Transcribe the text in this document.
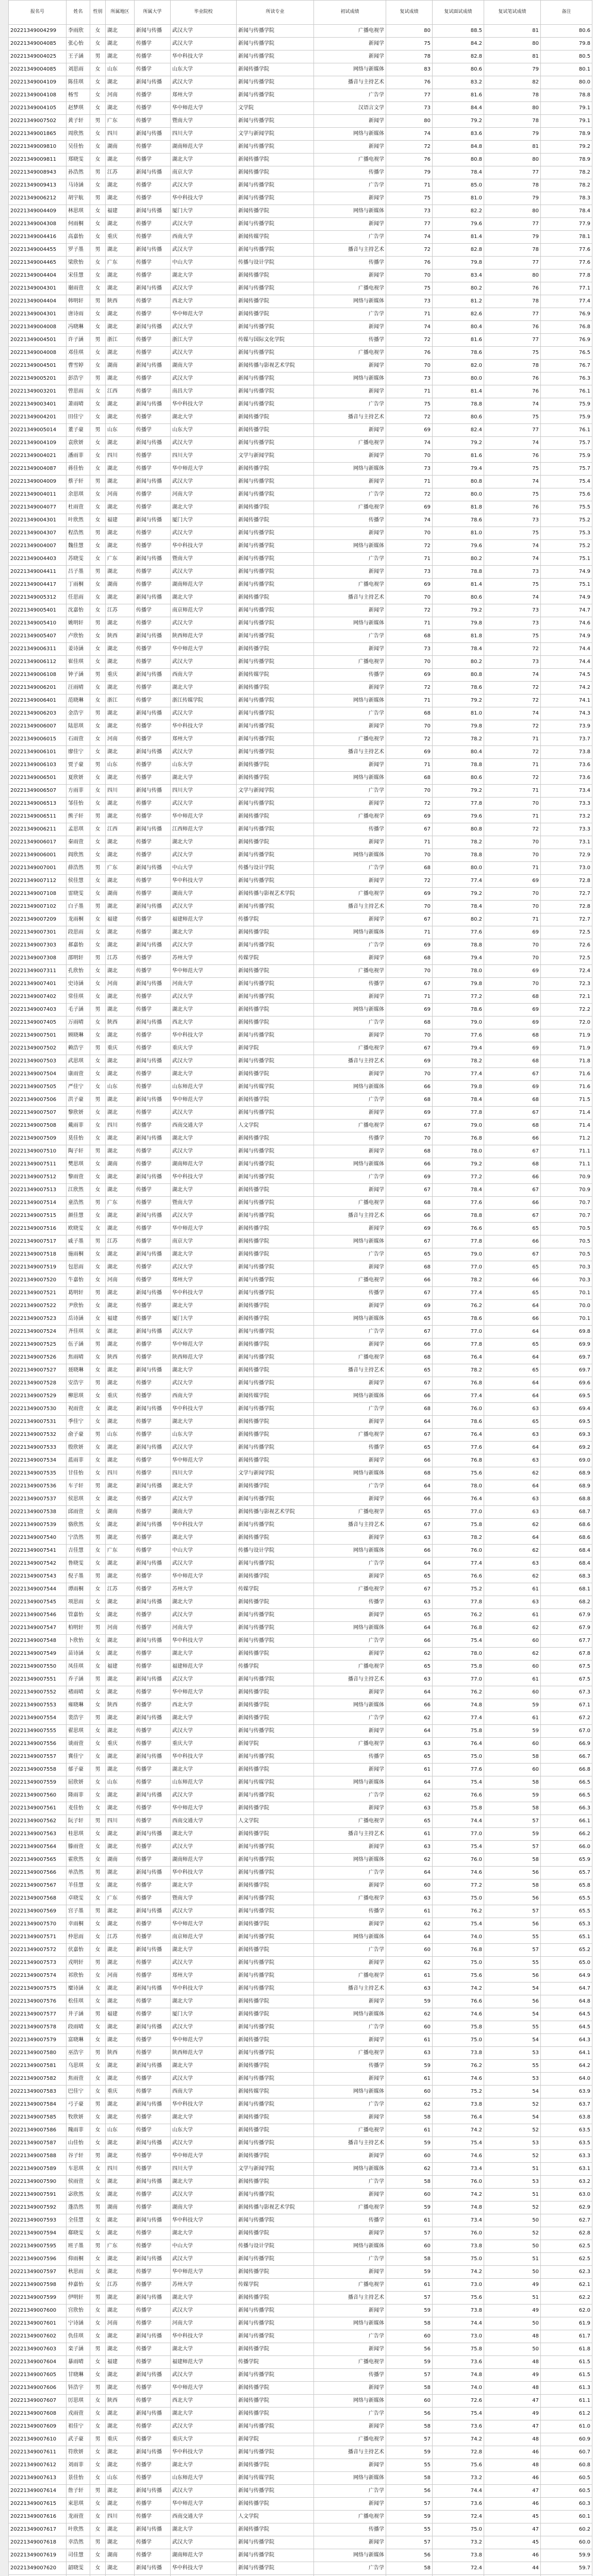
报名号	姓名	性别	所属地区	所属大学	毕业院校	所读专业	初试成绩	复试成绩	复试面试成绩	复试笔试成绩	备注
20221349004299	李雨欣	女	湖北	新闻与传播	武汉大学	新闻与传播学院	广播电视学	80	88.5	81	80.6
20221349004085	张心怡	女	湖北	传播学	武汉大学	新闻与传播学院	新闻学	75	84.2	80	79.8
20221349004025	王子涵	男	湖北	传播学	华中科技大学	新闻与传播学院	新闻学	78	82.8	81	80.5
20221349004085	刘思雨	女	山东	传播学	山东大学	新闻传播学院	网络与新媒体	83	80.6	79	80.1
20221349004109	陈佳琪	女	湖北	新闻与传播	武汉大学	新闻与传播学院	播音与主持艺术	76	83.2	82	80.0
20221349004108	杨雪	女	河南	传播学	郑州大学	新闻与传播学院	广告学	77	81.6	78	78.8
20221349004105	赵梦琪	女	湖北	传播学	华中师范大学	文学院	汉语言文学	73	84.4	80	79.1
20221349007502	黄子轩	男	广东	传播学	暨南大学	新闻与传播学院	新闻学	80	79.2	78	79.1
20221349001865	周欣然	女	四川	新闻与传播	四川大学	文学与新闻学院	网络与新媒体	74	83.6	79	78.9
20221349009810	吴佳怡	女	湖南	传播学	湖南师范大学	新闻与传播学院	新闻学	72	84.8	81	79.2
20221349009811	郑晓雯	女	湖北	传播学	湖北大学	新闻传播学院	广播电视学	76	80.8	80	78.9
20221349008943	孙浩然	男	江苏	新闻与传播	南京大学	新闻传播学院	传播学	79	78.4	77	78.2
20221349009413	马诗涵	女	湖北	传播学	武汉大学	新闻与传播学院	广告学	71	85.0	78	78.2
20221349006212	胡宇航	男	湖北	传播学	华中科技大学	新闻与传播学院	新闻学	75	81.0	79	78.3
20221349004409	林思琪	女	福建	新闻与传播	厦门大学	新闻传播学院	网络与新媒体	73	82.2	80	78.4
20221349004308	何雨桐	女	湖北	传播学	武汉大学	新闻与传播学院	新闻学	77	79.6	77	77.9
20221349004416	高嘉怡	女	重庆	传播学	西南大学	新闻传媒学院	广告学	74	81.4	79	78.1
20221349004455	罗子墨	男	湖北	新闻与传播	武汉大学	新闻与传播学院	播音与主持艺术	72	82.8	78	77.6
20221349004465	梁欣怡	女	广东	传播学	中山大学	传播与设计学院	传播学	76	79.8	77	77.6
20221349004404	宋佳慧	女	湖北	传播学	湖北大学	新闻传播学院	新闻学	70	83.4	80	77.8
20221349004301	谢雨萱	女	湖北	新闻与传播	武汉大学	新闻与传播学院	广播电视学	75	80.2	76	77.1
20221349004404	韩明轩	男	陕西	传播学	西北大学	新闻传播学院	网络与新媒体	73	81.2	78	77.4
20221349004301	唐诗雨	女	湖北	传播学	华中师范大学	新闻传播学院	广告学	71	82.6	77	76.9
20221349004008	冯晓琳	女	湖北	新闻与传播	武汉大学	新闻与传播学院	新闻学	74	80.4	76	76.8
20221349004501	许子涵	男	浙江	传播学	浙江大学	传媒与国际文化学院	传播学	72	81.6	77	76.9
20221349004008	邓佳琪	女	湖北	传播学	武汉大学	新闻与传播学院	广播电视学	76	78.6	75	76.5
20221349004501	曹雪婷	女	湖南	新闻与传播	湖南大学	新闻传播与影视艺术学院	新闻学	70	82.0	78	76.7
20221349005201	彭浩宇	男	湖北	传播学	武汉大学	新闻与传播学院	网络与新媒体	73	80.0	76	76.3
20221349003201	曾思雨	女	江西	传播学	南昌大学	新闻与传播学院	新闻学	71	81.4	76	76.1
20221349003401	萧雨晴	女	湖北	新闻与传播	华中科技大学	新闻与传播学院	广告学	75	78.8	74	75.9
20221349004201	田佳宁	女	湖北	传播学	湖北大学	新闻传播学院	播音与主持艺术	72	80.6	75	75.9
20221349005014	董子豪	男	山东	传播学	山东大学	新闻传播学院	新闻学	69	82.4	77	76.1
20221349004109	袁欣妍	女	湖北	新闻与传播	武汉大学	新闻与传播学院	广播电视学	74	79.2	74	75.7
20221349004021	潘雨菲	女	四川	传播学	四川大学	文学与新闻学院	新闻学	70	81.6	76	75.9
20221349004087	蒋佳怡	女	湖北	传播学	华中师范大学	新闻传播学院	网络与新媒体	73	79.4	75	75.7
20221349004009	蔡子轩	男	湖北	新闻与传播	武汉大学	新闻与传播学院	新闻学	71	80.8	74	75.4
20221349004011	余思琪	女	河南	传播学	河南大学	新闻与传播学院	广告学	72	80.0	75	75.6
20221349004077	杜雨萱	女	湖北	传播学	湖北大学	新闻传播学院	广播电视学	69	81.8	76	75.5
20221349004301	叶欣然	女	福建	新闻与传播	厦门大学	新闻传播学院	传播学	74	78.6	73	75.2
20221349004307	程浩然	男	湖北	传播学	武汉大学	新闻与传播学院	新闻学	70	81.0	75	75.3
20221349004007	魏佳慧	女	湖北	传播学	华中科技大学	新闻与传播学院	网络与新媒体	72	79.6	74	75.2
20221349004403	苏晓雯	女	广东	新闻与传播	暨南大学	新闻与传播学院	广告学	71	80.2	74	75.1
20221349004411	吕子墨	男	湖北	传播学	武汉大学	新闻与传播学院	新闻学	73	78.8	73	74.9
20221349004417	丁雨桐	女	湖南	传播学	湖南师范大学	新闻与传播学院	广播电视学	69	81.4	75	75.1
20221349005312	任思雨	女	湖北	新闻与传播	湖北大学	新闻传播学院	播音与主持艺术	70	80.6	74	74.9
20221349005401	沈嘉怡	女	江苏	传播学	南京师范大学	新闻与传播学院	新闻学	72	79.2	73	74.7
20221349005410	姚明轩	男	湖北	传播学	武汉大学	新闻与传播学院	网络与新媒体	71	79.8	73	74.6
20221349005407	卢欣怡	女	陕西	新闻与传播	陕西师范大学	新闻与传播学院	广告学	68	81.8	75	74.9
20221349006311	姜诗涵	女	湖北	传播学	华中师范大学	新闻传播学院	新闻学	73	78.4	72	74.4
20221349006112	崔佳琪	女	湖北	传播学	武汉大学	新闻与传播学院	广播电视学	70	80.2	73	74.4
20221349006108	钟子涵	男	重庆	新闻与传播	西南大学	新闻传媒学院	传播学	69	80.8	74	74.5
20221349006201	汪雨晴	女	湖北	传播学	湖北大学	新闻传播学院	新闻学	72	78.6	72	74.2
20221349006401	范晓琳	女	浙江	传播学	浙江传媒学院	新闻与传播学院	网络与新媒体	71	79.2	72	74.1
20221349006203	金浩宇	男	湖北	新闻与传播	武汉大学	新闻与传播学院	广告学	68	81.0	74	74.3
20221349006007	陆思琪	女	湖北	传播学	华中科技大学	新闻与传播学院	新闻学	70	79.8	72	73.9
20221349006015	石雨萱	女	河南	传播学	郑州大学	新闻与传播学院	广播电视学	72	78.2	71	73.7
20221349006101	廖佳宁	女	湖北	新闻与传播	武汉大学	新闻与传播学院	播音与主持艺术	69	80.4	72	73.8
20221349006103	贾子豪	男	山东	传播学	山东大学	新闻传播学院	新闻学	71	78.8	71	73.6
20221349006501	夏欣妍	女	湖北	传播学	湖北大学	新闻传播学院	网络与新媒体	68	80.6	72	73.6
20221349006507	方雨菲	女	四川	新闻与传播	四川大学	文学与新闻学院	广告学	70	79.2	71	73.4
20221349006513	邹佳怡	女	湖北	传播学	武汉大学	新闻与传播学院	新闻学	72	77.8	70	73.3
20221349006511	熊子轩	男	湖北	传播学	华中师范大学	新闻传播学院	广播电视学	69	79.6	71	73.2
20221349006211	孟思琪	女	江西	新闻与传播	江西师范大学	新闻与传播学院	传播学	67	80.8	72	73.3
20221349006017	秦雨萱	女	湖北	传播学	湖北大学	新闻传播学院	新闻学	71	78.2	70	73.1
20221349006001	阎欣然	女	湖北	传播学	武汉大学	新闻与传播学院	网络与新媒体	70	78.8	70	72.9
20221349007001	薛浩然	男	广东	新闻与传播	中山大学	传播与设计学院	广告学	68	80.0	71	73.0
20221349007112	侯佳慧	女	湖北	传播学	华中科技大学	新闻与传播学院	新闻学	72	77.4	69	72.8
20221349007108	雷晓雯	女	湖南	传播学	湖南大学	新闻传播与影视艺术学院	广播电视学	69	79.2	70	72.7
20221349007102	白子墨	男	湖北	新闻与传播	武汉大学	新闻与传播学院	播音与主持艺术	70	78.4	70	72.8
20221349007209	龙雨桐	女	福建	传播学	福建师范大学	传播学院	新闻学	67	80.2	71	72.7
20221349007301	段思雨	女	湖北	传播学	湖北大学	新闻传播学院	网络与新媒体	71	77.6	69	72.5
20221349007303	郝嘉怡	女	湖北	新闻与传播	武汉大学	新闻与传播学院	广告学	69	78.8	70	72.6
20221349007308	邵明轩	男	江苏	传播学	苏州大学	传媒学院	新闻学	68	79.4	70	72.5
20221349007311	孔欣怡	女	湖北	传播学	华中师范大学	新闻传播学院	广播电视学	70	78.0	69	72.4
20221349007401	史诗涵	女	河南	新闻与传播	河南大学	新闻与传播学院	传播学	67	79.8	70	72.3
20221349007402	常佳琪	女	湖北	传播学	武汉大学	新闻与传播学院	新闻学	71	77.2	68	72.1
20221349007403	毛子涵	男	湖北	传播学	湖北大学	新闻传播学院	网络与新媒体	69	78.6	69	72.2
20221349007405	万雨晴	女	陕西	新闻与传播	西北大学	新闻传播学院	广告学	68	79.0	69	72.0
20221349007501	顾晓琳	女	湖北	传播学	华中科技大学	新闻与传播学院	新闻学	70	77.6	68	71.9
20221349007502	赖浩宇	男	重庆	传播学	重庆大学	新闻学院	广播电视学	67	79.4	69	71.9
20221349007503	武思琪	女	湖北	新闻与传播	武汉大学	新闻与传播学院	播音与主持艺术	69	78.2	68	71.8
20221349007504	康雨萱	女	湖北	传播学	湖北大学	新闻传播学院	新闻学	70	77.4	67	71.6
20221349007505	严佳宁	女	山东	传播学	山东师范大学	新闻与传媒学院	网络与新媒体	66	79.8	69	71.6
20221349007506	洪子豪	男	湖北	新闻与传播	华中师范大学	新闻传播学院	广告学	68	78.4	68	71.5
20221349007507	黎欣妍	女	湖北	传播学	武汉大学	新闻与传播学院	新闻学	69	77.8	67	71.4
20221349007508	戴雨菲	女	四川	传播学	西南交通大学	人文学院	广播电视学	67	79.0	68	71.4
20221349007509	莫佳怡	女	湖北	新闻与传播	湖北大学	新闻传播学院	传播学	70	76.8	66	71.2
20221349007510	陶子轩	男	湖北	传播学	武汉大学	新闻与传播学院	新闻学	68	78.0	67	71.1
20221349007511	樊思琪	女	湖南	传播学	湖南师范大学	新闻与传播学院	网络与新媒体	66	79.2	68	71.1
20221349007512	黎雨萱	女	湖北	新闻与传播	华中科技大学	新闻与传播学院	广告学	69	77.2	66	70.9
20221349007513	江欣然	女	湖北	传播学	湖北大学	新闻传播学院	新闻学	67	78.4	67	70.9
20221349007514	童浩然	男	广东	传播学	暨南大学	新闻与传播学院	广播电视学	68	77.6	66	70.7
20221349007515	颜佳慧	女	湖北	新闻与传播	武汉大学	新闻与传播学院	播音与主持艺术	66	78.8	67	70.7
20221349007516	欧晓雯	女	湖北	传播学	华中师范大学	新闻传播学院	新闻学	69	76.6	65	70.5
20221349007517	戚子墨	男	江苏	传播学	南京大学	新闻传播学院	网络与新媒体	67	77.8	66	70.5
20221349007518	施雨桐	女	湖北	新闻与传播	湖北大学	新闻传播学院	广告学	65	79.0	67	70.5
20221349007519	包思雨	女	湖北	传播学	武汉大学	新闻与传播学院	新闻学	68	77.0	65	70.3
20221349007520	牛嘉怡	女	河南	传播学	郑州大学	新闻与传播学院	广播电视学	66	78.2	66	70.3
20221349007521	葛明轩	男	湖北	新闻与传播	华中科技大学	新闻与传播学院	传播学	67	77.4	65	70.1
20221349007522	尹欣怡	女	湖北	传播学	湖北大学	新闻传播学院	新闻学	69	76.2	64	70.0
20221349007523	岳诗涵	女	福建	传播学	厦门大学	新闻传播学院	网络与新媒体	65	78.6	66	70.1
20221349007524	齐佳琪	女	湖北	新闻与传播	武汉大学	新闻与传播学院	广告学	67	77.0	64	69.8
20221349007525	伍子涵	男	湖北	传播学	华中师范大学	新闻传播学院	新闻学	66	77.8	65	69.9
20221349007526	焦雨晴	女	陕西	传播学	陕西师范大学	新闻与传播学院	广播电视学	68	76.4	64	69.7
20221349007527	聂晓琳	女	湖北	新闻与传播	湖北大学	新闻传播学院	播音与主持艺术	65	78.2	65	69.7
20221349007528	安浩宇	男	湖北	传播学	武汉大学	新闻与传播学院	新闻学	67	76.8	64	69.6
20221349007529	柳思琪	女	重庆	传播学	西南大学	新闻传媒学院	网络与新媒体	66	77.4	64	69.5
20221349007530	祝雨萱	女	湖北	新闻与传播	华中科技大学	新闻与传播学院	广告学	68	76.0	63	69.4
20221349007531	季佳宁	女	湖北	传播学	湖北大学	新闻传播学院	新闻学	64	78.6	65	69.5
20221349007532	俞子豪	男	山东	传播学	山东大学	新闻传播学院	广播电视学	67	76.4	63	69.3
20221349007533	殷欣妍	女	湖北	新闻与传播	武汉大学	新闻与传播学院	传播学	65	77.6	64	69.2
20221349007534	蓝雨菲	女	湖北	传播学	华中师范大学	新闻传播学院	新闻学	66	76.8	63	69.0
20221349007535	甘佳怡	女	四川	传播学	四川大学	文学与新闻学院	网络与新媒体	68	75.6	62	68.9
20221349007536	车子轩	男	湖北	新闻与传播	湖北大学	新闻传播学院	广告学	64	78.0	64	68.9
20221349007537	侯思琪	女	湖北	传播学	武汉大学	新闻与传播学院	新闻学	66	76.4	63	68.8
20221349007538	邱雨萱	女	湖南	传播学	湖南大学	新闻传播与影视艺术学院	广播电视学	65	77.0	63	68.7
20221349007539	骆欣然	女	湖北	新闻与传播	华中科技大学	新闻与传播学院	播音与主持艺术	67	75.8	62	68.6
20221349007540	宁浩然	男	湖北	传播学	湖北大学	新闻传播学院	新闻学	63	78.2	64	68.6
20221349007541	吉佳慧	女	广东	传播学	中山大学	传播与设计学院	网络与新媒体	66	76.0	62	68.4
20221349007542	鲁晓雯	女	湖北	新闻与传播	武汉大学	新闻与传播学院	广告学	64	77.4	63	68.4
20221349007543	倪子墨	男	湖北	传播学	华中师范大学	新闻传播学院	新闻学	65	76.6	62	68.3
20221349007544	谭雨桐	女	江苏	传播学	苏州大学	传媒学院	广播电视学	67	75.2	61	68.1
20221349007545	项思雨	女	湖北	新闻与传播	湖北大学	新闻传播学院	传播学	63	77.8	63	68.2
20221349007546	管嘉怡	女	湖北	传播学	武汉大学	新闻与传播学院	新闻学	65	76.2	61	67.9
20221349007547	柏明轩	男	河南	传播学	河南大学	新闻与传播学院	网络与新媒体	64	76.8	62	67.9
20221349007548	卜欣怡	女	湖北	新闻与传播	华中科技大学	新闻与传播学院	广告学	66	75.4	60	67.7
20221349007549	苗诗涵	女	湖北	传播学	湖北大学	新闻传播学院	新闻学	62	78.0	62	67.8
20221349007550	凤佳琪	女	福建	传播学	福建师范大学	传播学院	广播电视学	65	75.8	60	67.5
20221349007551	乔子涵	男	湖北	新闻与传播	武汉大学	新闻与传播学院	播音与主持艺术	63	77.0	61	67.5
20221349007552	褚雨晴	女	湖北	传播学	华中师范大学	新闻传播学院	新闻学	64	76.2	60	67.3
20221349007553	雍晓琳	女	陕西	传播学	西北大学	新闻传播学院	网络与新媒体	66	74.8	59	67.1
20221349007554	裴浩宇	男	湖北	新闻与传播	湖北大学	新闻传播学院	广告学	62	77.4	61	67.2
20221349007555	翟思琪	女	湖北	传播学	武汉大学	新闻与传播学院	新闻学	64	75.8	59	67.0
20221349007556	谈雨萱	女	重庆	传播学	重庆大学	新闻学院	广播电视学	63	76.4	60	66.9
20221349007557	冀佳宁	女	湖北	新闻与传播	华中科技大学	新闻与传播学院	传播学	65	75.0	58	66.7
20221349007558	郁子豪	男	湖北	传播学	湖北大学	新闻传播学院	新闻学	61	77.6	60	66.8
20221349007559	屈欣妍	女	山东	传播学	山东师范大学	新闻与传媒学院	网络与新媒体	64	75.4	58	66.5
20221349007560	隆雨菲	女	湖北	新闻与传播	武汉大学	新闻与传播学院	广告学	62	76.6	59	66.5
20221349007561	麦佳怡	女	湖北	传播学	华中师范大学	新闻传播学院	新闻学	63	75.8	58	66.3
20221349007562	阮子轩	男	四川	传播学	西南交通大学	人文学院	广播电视学	65	74.4	57	66.1
20221349007563	桂思琪	女	湖北	新闻与传播	湖北大学	新闻传播学院	播音与主持艺术	61	77.0	59	66.2
20221349007564	滕雨萱	女	湖北	传播学	武汉大学	新闻与传播学院	新闻学	63	75.4	57	66.0
20221349007565	霍欣然	女	湖南	传播学	湖南师范大学	新闻与传播学院	网络与新媒体	62	76.0	58	65.9
20221349007566	单浩然	男	湖北	新闻与传播	华中科技大学	新闻与传播学院	广告学	64	74.6	56	65.7
20221349007567	羊佳慧	女	湖北	传播学	湖北大学	新闻传播学院	新闻学	60	77.2	58	65.8
20221349007568	卓晓雯	女	广东	传播学	暨南大学	新闻与传播学院	广播电视学	63	75.0	56	65.5
20221349007569	宫子墨	男	湖北	新闻与传播	武汉大学	新闻与传播学院	传播学	61	76.2	57	65.5
20221349007570	幸雨桐	女	湖北	传播学	华中师范大学	新闻传播学院	新闻学	62	75.4	56	65.3
20221349007571	仲思雨	女	江苏	传播学	南京师范大学	新闻与传播学院	网络与新媒体	64	74.0	55	65.1
20221349007572	伏嘉怡	女	湖北	新闻与传播	湖北大学	新闻传播学院	广告学	60	76.8	57	65.2
20221349007573	戎明轩	男	湖北	传播学	武汉大学	新闻与传播学院	新闻学	62	75.0	55	65.0
20221349007574	祁欣怡	女	河南	传播学	郑州大学	新闻与传播学院	广播电视学	61	75.6	56	64.9
20221349007575	糜诗涵	女	湖北	新闻与传播	华中科技大学	新闻与传播学院	播音与主持艺术	63	74.2	54	64.7
20221349007576	松佳琪	女	湖北	传播学	湖北大学	新闻传播学院	新闻学	59	76.6	56	64.8
20221349007577	井子涵	男	福建	传播学	厦门大学	新闻传播学院	网络与新媒体	62	74.6	54	64.5
20221349007578	段雨晴	女	湖北	新闻与传播	武汉大学	新闻与传播学院	广告学	60	75.8	55	64.5
20221349007579	富晓琳	女	湖北	传播学	华中师范大学	新闻传播学院	新闻学	61	75.0	54	64.3
20221349007580	巫浩宇	男	陕西	传播学	陕西师范大学	新闻与传播学院	广播电视学	63	73.8	53	64.1
20221349007581	乌思琪	女	湖北	新闻与传播	湖北大学	新闻传播学院	传播学	59	76.2	55	64.2
20221349007582	焦雨萱	女	湖北	传播学	武汉大学	新闻与传播学院	新闻学	61	74.6	53	64.0
20221349007583	巴佳宁	女	重庆	传播学	西南大学	新闻传媒学院	网络与新媒体	60	75.2	54	63.9
20221349007584	弓子豪	男	湖北	新闻与传播	华中科技大学	新闻与传播学院	广告学	62	73.8	52	63.7
20221349007585	牧欣妍	女	湖北	传播学	湖北大学	新闻传播学院	新闻学	58	76.4	54	63.8
20221349007586	隗雨菲	女	山东	传播学	山东大学	新闻传播学院	广播电视学	61	74.2	52	63.5
20221349007587	山佳怡	女	湖北	新闻与传播	武汉大学	新闻与传播学院	播音与主持艺术	59	75.4	53	63.5
20221349007588	谷子轩	男	湖北	传播学	华中师范大学	新闻传播学院	新闻学	60	74.6	52	63.3
20221349007589	车思琪	女	四川	传播学	四川大学	文学与新闻学院	网络与新媒体	62	73.4	51	63.1
20221349007590	侯雨萱	女	湖北	新闻与传播	湖北大学	新闻传播学院	广告学	58	76.0	53	63.2
20221349007591	宓欣然	女	湖北	传播学	武汉大学	新闻与传播学院	新闻学	60	74.2	51	63.0
20221349007592	蓬浩然	男	湖南	传播学	湖南大学	新闻传播与影视艺术学院	广播电视学	59	74.8	52	62.9
20221349007593	全佳慧	女	湖北	新闻与传播	华中科技大学	新闻与传播学院	传播学	61	73.4	50	62.7
20221349007594	郗晓雯	女	湖北	传播学	湖北大学	新闻传播学院	新闻学	57	76.0	52	62.8
20221349007595	班子墨	男	广东	传播学	中山大学	传播与设计学院	网络与新媒体	60	73.8	50	62.5
20221349007596	仰雨桐	女	湖北	新闻与传播	武汉大学	新闻与传播学院	广告学	58	75.0	51	62.5
20221349007597	秋思雨	女	湖北	传播学	华中师范大学	新闻传播学院	新闻学	59	74.2	50	62.3
20221349007598	仲嘉怡	女	江苏	传播学	苏州大学	传媒学院	广播电视学	61	73.0	49	62.1
20221349007599	伊明轩	男	湖北	新闻与传播	湖北大学	新闻传播学院	播音与主持艺术	57	75.6	51	62.2
20221349007600	宫欣怡	女	湖北	传播学	武汉大学	新闻与传播学院	新闻学	59	73.8	49	62.0
20221349007601	宁诗涵	女	河南	传播学	河南大学	新闻与传播学院	网络与新媒体	58	74.4	50	61.9
20221349007602	仇佳琪	女	湖北	新闻与传播	华中科技大学	新闻与传播学院	广告学	60	73.0	48	61.7
20221349007603	栾子涵	男	湖北	传播学	湖北大学	新闻传播学院	新闻学	56	75.8	50	61.8
20221349007604	暴雨晴	女	福建	传播学	福建师范大学	传播学院	广播电视学	59	73.6	48	61.5
20221349007605	甘晓琳	女	湖北	新闻与传播	武汉大学	新闻与传播学院	传播学	57	74.8	49	61.5
20221349007606	钭浩宇	男	湖北	传播学	华中师范大学	新闻传播学院	新闻学	58	74.0	48	61.3
20221349007607	厉思琪	女	陕西	传播学	西北大学	新闻传播学院	网络与新媒体	60	72.6	47	61.1
20221349007608	戎雨萱	女	湖北	新闻与传播	湖北大学	新闻传播学院	广告学	56	75.4	49	61.2
20221349007609	祖佳宁	女	湖北	传播学	武汉大学	新闻与传播学院	新闻学	58	73.6	47	61.0
20221349007610	武子豪	男	重庆	传播学	重庆大学	新闻学院	广播电视学	57	74.2	48	60.9
20221349007611	符欣妍	女	湖北	新闻与传播	华中科技大学	新闻与传播学院	播音与主持艺术	59	72.8	46	60.7
20221349007612	刘雨菲	女	湖北	传播学	湖北大学	新闻传播学院	新闻学	55	75.6	48	60.8
20221349007613	景佳怡	女	山东	传播学	山东师范大学	新闻与传媒学院	网络与新媒体	58	73.2	46	60.5
20221349007614	詹子轩	男	湖北	新闻与传播	武汉大学	新闻与传播学院	广告学	56	74.4	47	60.5
20221349007615	束思琪	女	湖北	传播学	华中师范大学	新闻传播学院	新闻学	57	73.6	46	60.3
20221349007616	龙雨萱	女	四川	传播学	西南交通大学	人文学院	广播电视学	59	72.4	45	60.1
20221349007617	叶欣然	女	湖北	新闻与传播	湖北大学	新闻传播学院	传播学	55	75.0	47	60.2
20221349007618	幸浩然	男	湖北	传播学	武汉大学	新闻与传播学院	新闻学	57	73.2	45	60.0
20221349007619	司佳慧	女	湖南	传播学	湖南师范大学	新闻与传播学院	网络与新媒体	56	73.8	46	59.9
20221349007620	韶晓雯	女	湖北	新闻与传播	华中科技大学	新闻与传播学院	广告学	58	72.4	44	59.7
